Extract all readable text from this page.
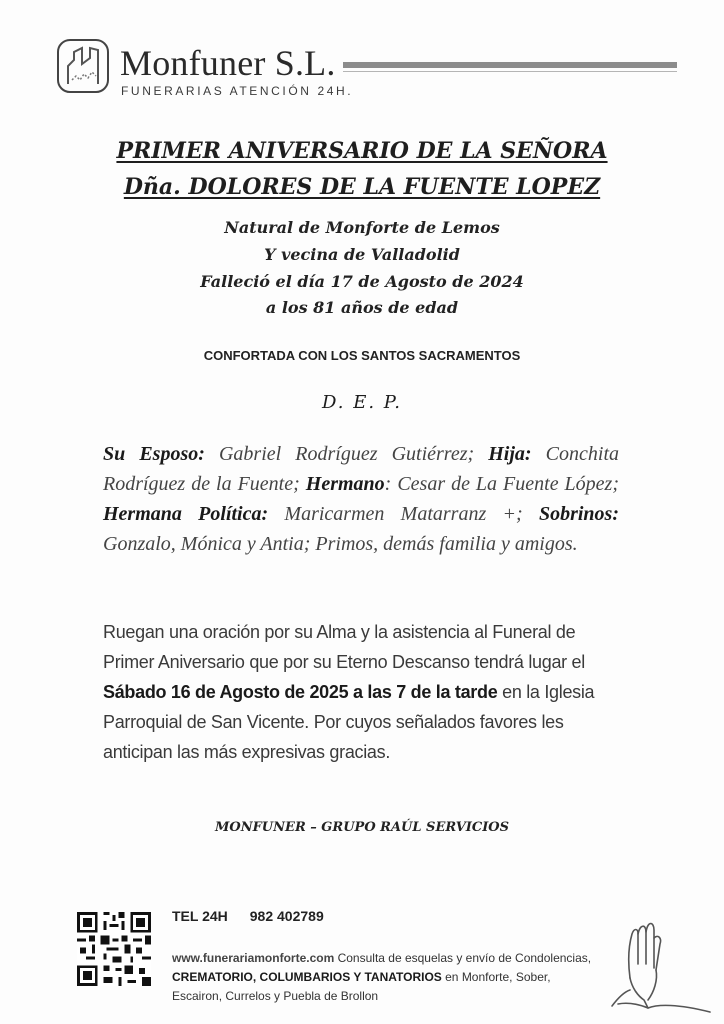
Monfuner S.L.
FUNERARIAS ATENCIÓN 24H.
PRIMER ANIVERSARIO DE LA SEÑORA
Dña. DOLORES DE LA FUENTE LOPEZ
Natural de Monforte de Lemos
Y vecina de Valladolid
Falleció el día 17 de Agosto de 2024
a los 81 años de edad
CONFORTADA CON LOS SANTOS SACRAMENTOS
D. E. P.
Su Esposo: Gabriel Rodríguez Gutiérrez; Hija: Conchita Rodríguez de la Fuente; Hermano: Cesar de La Fuente López; Hermana Política: Maricarmen Matarranz +; Sobrinos: Gonzalo, Mónica y Antia; Primos, demás familia y amigos.
Ruegan una oración por su Alma y la asistencia al Funeral de Primer Aniversario que por su Eterno Descanso tendrá lugar el Sábado 16 de Agosto de 2025 a las 7 de la tarde en la Iglesia Parroquial de San Vicente. Por cuyos señalados favores les anticipan las más expresivas gracias.
MONFUNER – GRUPO RAÚL SERVICIOS
TEL 24H 982 402789
www.funerariamonforte.com Consulta de esquelas y envío de Condolencias, CREMATORIO, COLUMBARIOS Y TANATORIOS en Monforte, Sober, Escairon, Currelos y Puebla de Brollon
